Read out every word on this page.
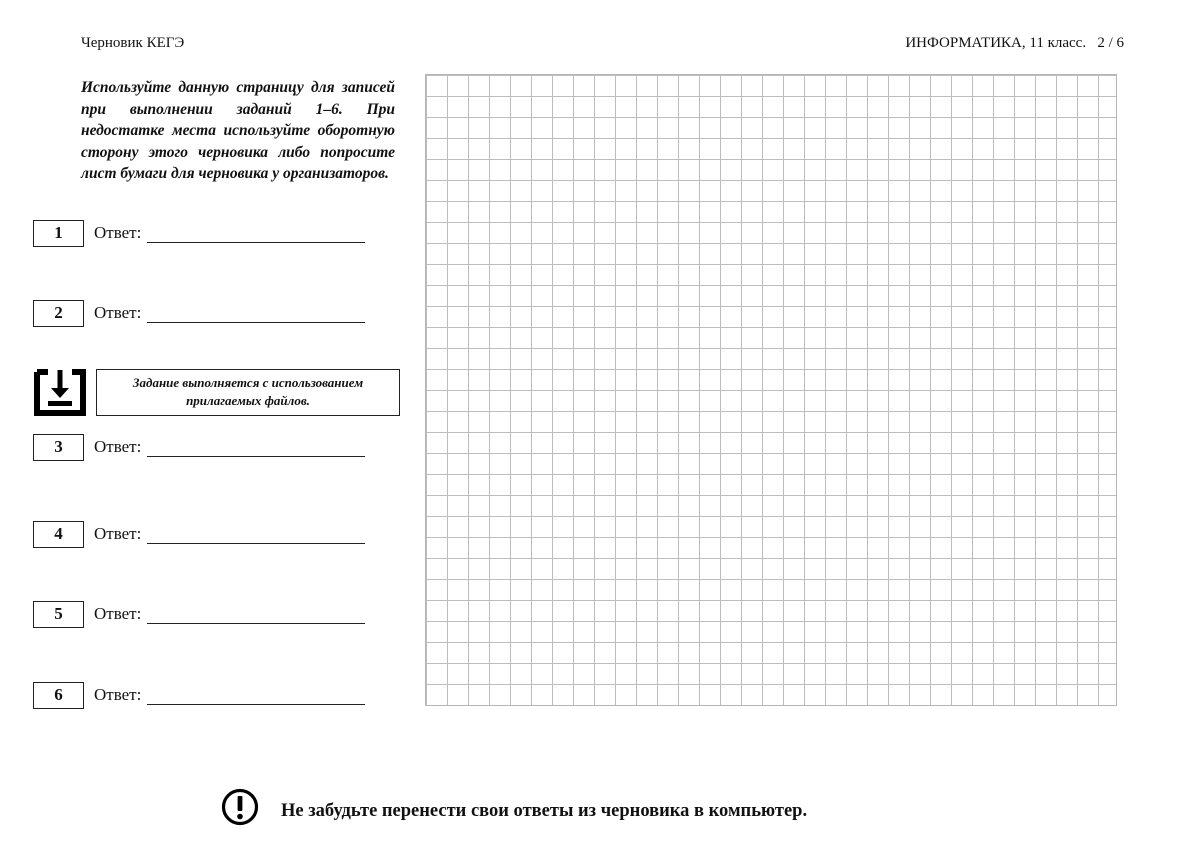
Черновик КЕГЭ	ИНФОРМАТИКА, 11 класс. 2 / 6
Используйте данную страницу для записей при выполнении заданий 1–6. При недостатке места используйте оборотную сторону этого черновика либо попросите лист бумаги для черновика у организаторов.
1	Ответ:
2	Ответ:
Задание выполняется с использованием прилагаемых файлов.
3	Ответ:
4	Ответ:
5	Ответ:
6	Ответ:
Не забудьте перенести свои ответы из черновика в компьютер.
